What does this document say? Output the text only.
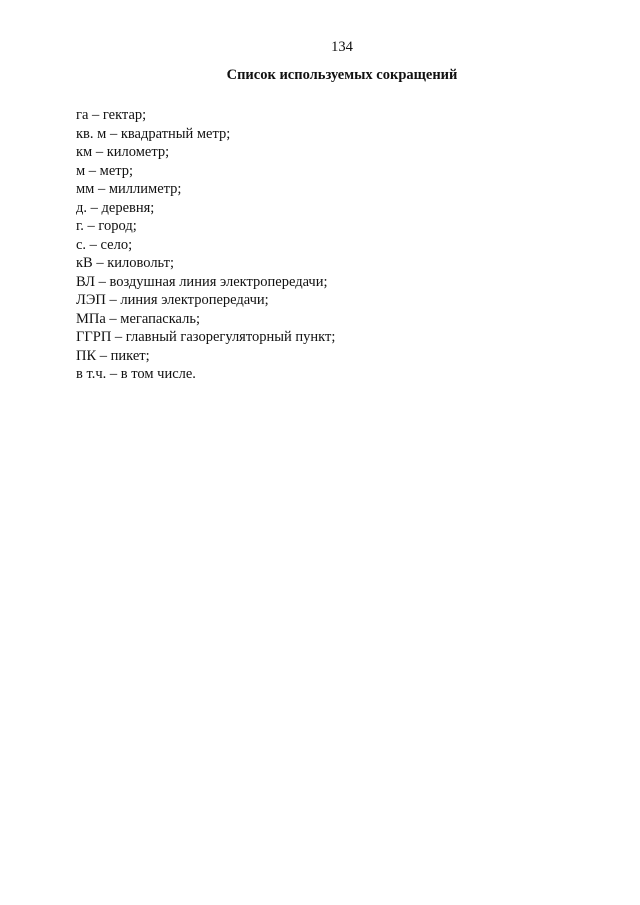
134
Список используемых сокращений
га – гектар;
кв. м – квадратный метр;
км – километр;
м – метр;
мм – миллиметр;
д. – деревня;
г. – город;
с. – село;
кВ – киловольт;
ВЛ – воздушная линия электропередачи;
ЛЭП – линия электропередачи;
МПа – мегапаскаль;
ГГРП – главный газорегуляторный пункт;
ПК – пикет;
в т.ч. – в том числе.
